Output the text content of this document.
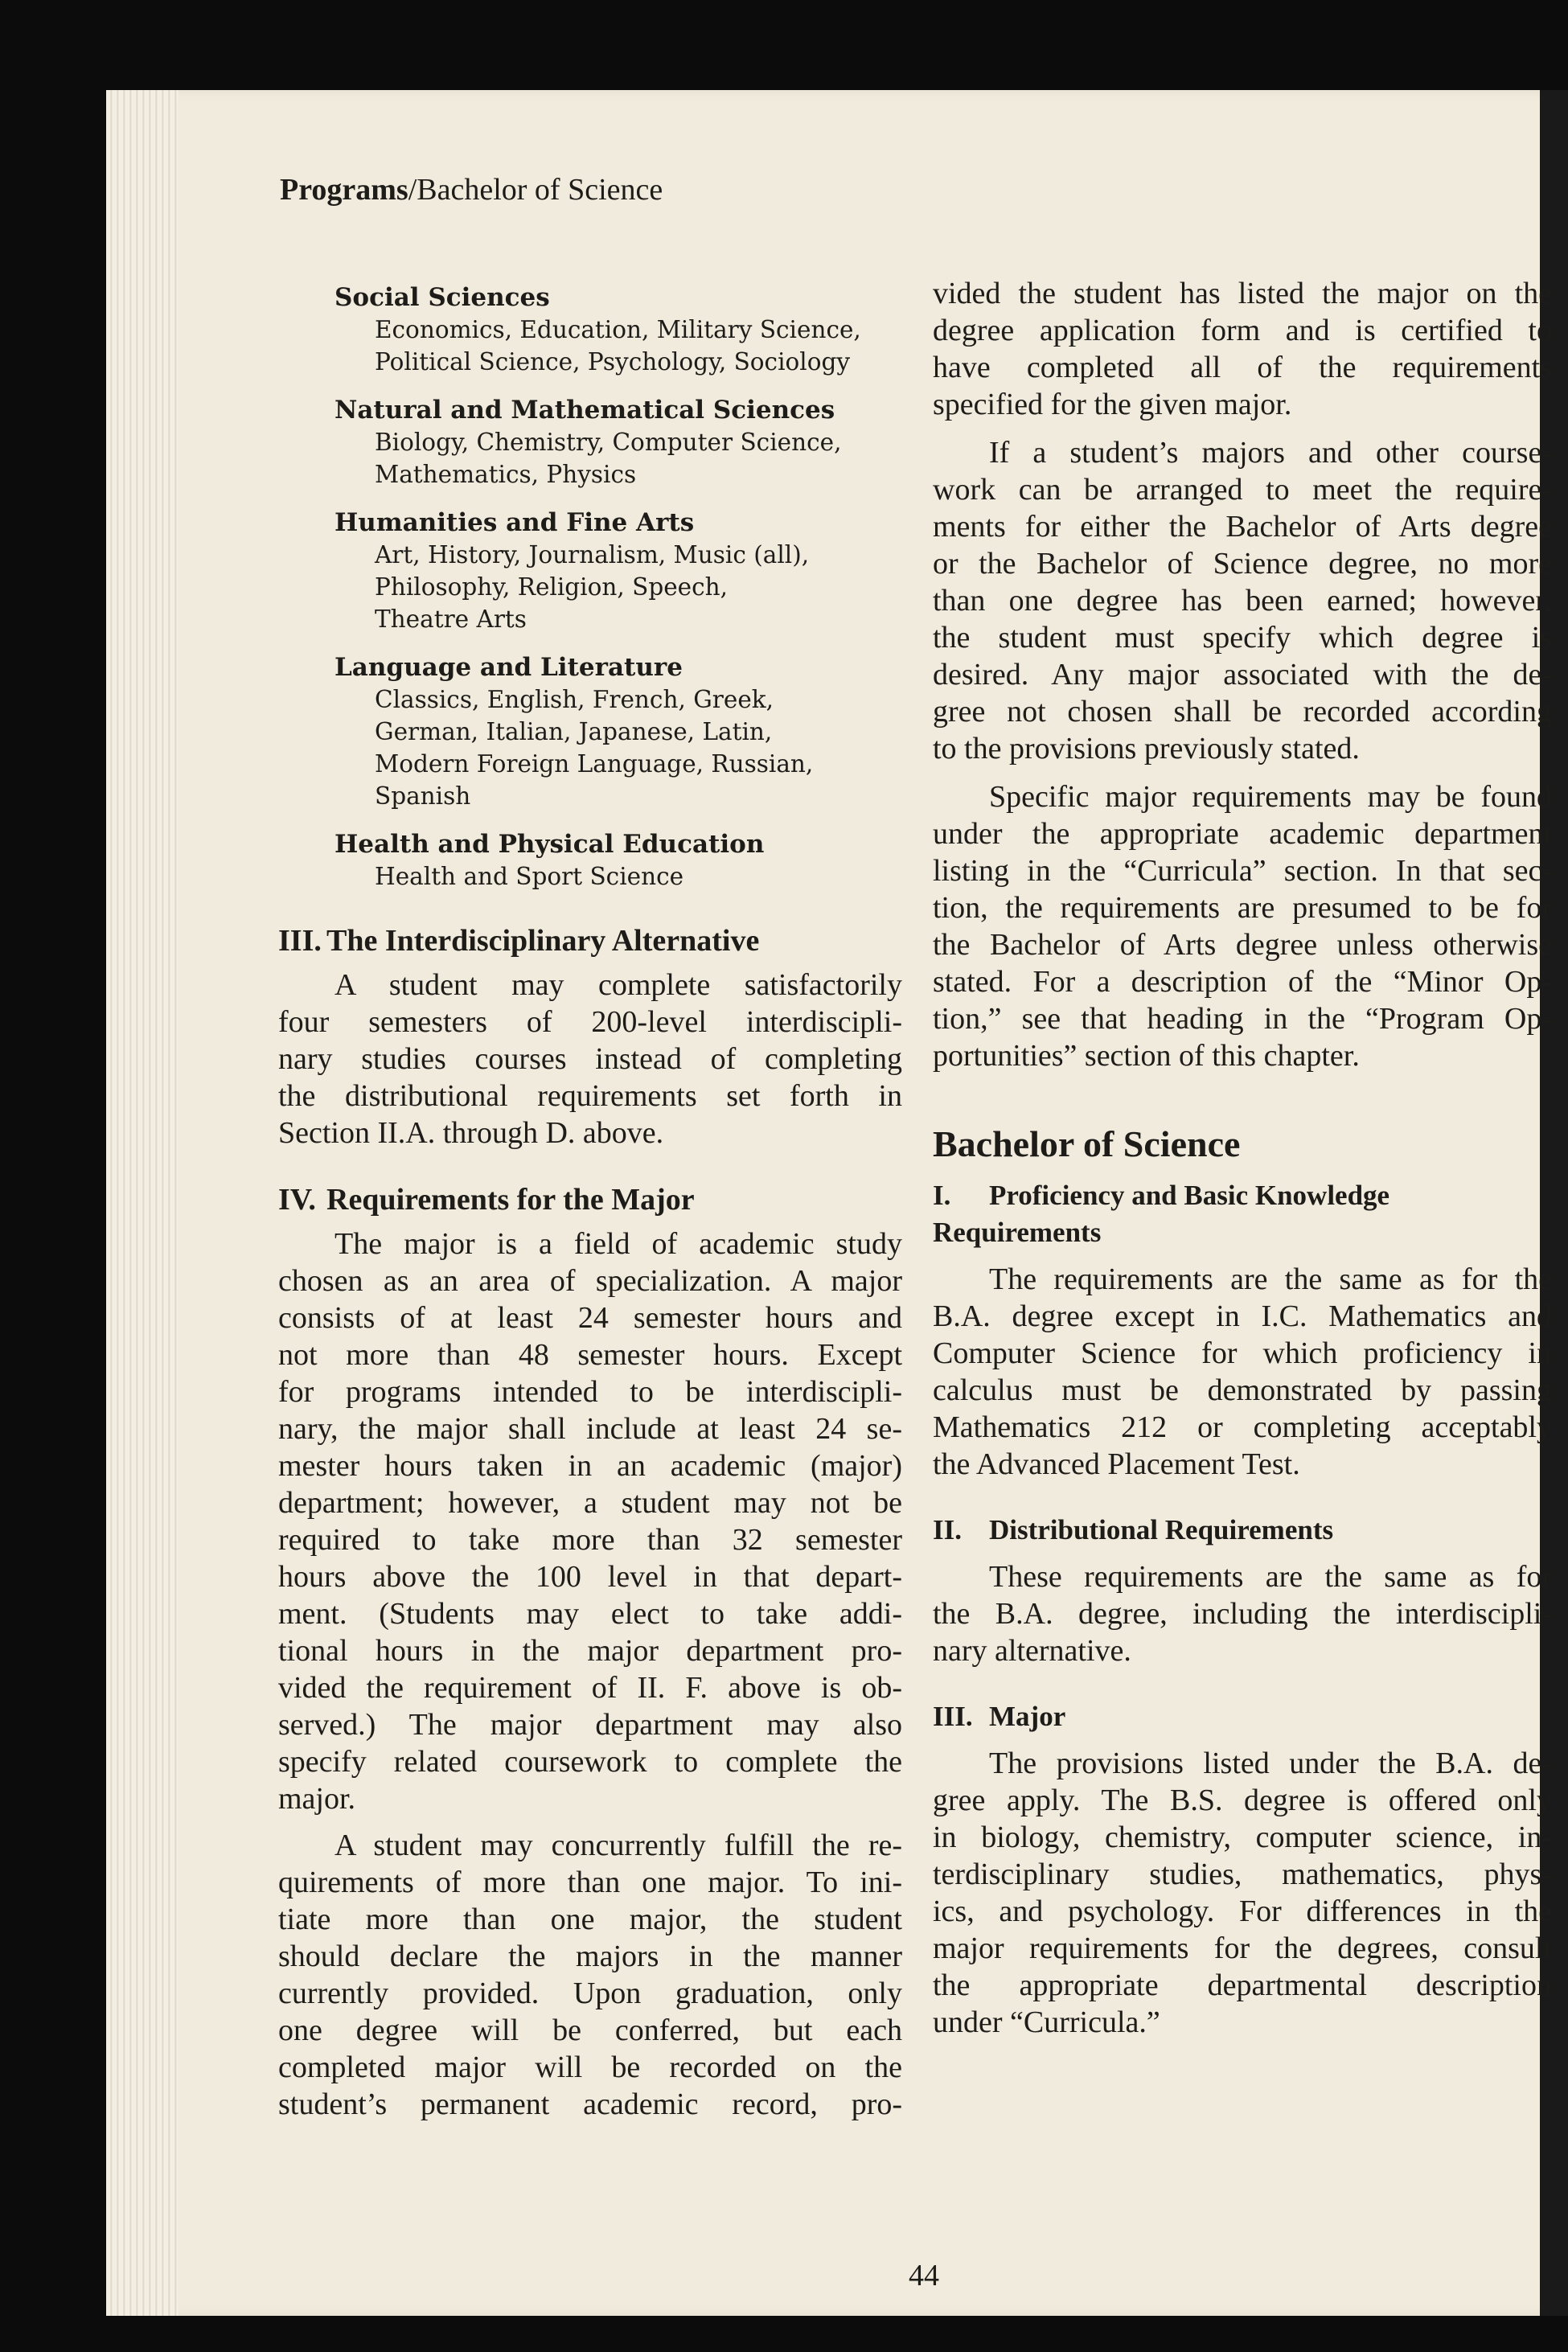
Programs/Bachelor of Science
Social Sciences
Economics, Education, Military Science,
Political Science, Psychology, Sociology
Natural and Mathematical Sciences
Biology, Chemistry, Computer Science,
Mathematics, Physics
Humanities and Fine Arts
Art, History, Journalism, Music (all),
Philosophy, Religion, Speech,
Theatre Arts
Language and Literature
Classics, English, French, Greek,
German, Italian, Japanese, Latin,
Modern Foreign Language, Russian,
Spanish
Health and Physical Education
Health and Sport Science
III. The Interdisciplinary Alternative
A student may complete satisfactorily
four semesters of 200-level interdiscipli-
nary studies courses instead of completing
the distributional requirements set forth in
Section II.A. through D. above.
IV. Requirements for the Major
The major is a field of academic study
chosen as an area of specialization. A major
consists of at least 24 semester hours and
not more than 48 semester hours. Except
for programs intended to be interdiscipli-
nary, the major shall include at least 24 se-
mester hours taken in an academic (major)
department; however, a student may not be
required to take more than 32 semester
hours above the 100 level in that depart-
ment. (Students may elect to take addi-
tional hours in the major department pro-
vided the requirement of II. F. above is ob-
served.) The major department may also
specify related coursework to complete the
major.
A student may concurrently fulfill the re-
quirements of more than one major. To ini-
tiate more than one major, the student
should declare the majors in the manner
currently provided. Upon graduation, only
one degree will be conferred, but each
completed major will be recorded on the
student’s permanent academic record, pro-
vided the student has listed the major on the
degree application form and is certified to
have completed all of the requirements
specified for the given major.
If a student’s majors and other course-
work can be arranged to meet the require-
ments for either the Bachelor of Arts degree
or the Bachelor of Science degree, no more
than one degree has been earned; however,
the student must specify which degree is
desired. Any major associated with the de-
gree not chosen shall be recorded according
to the provisions previously stated.
Specific major requirements may be found
under the appropriate academic department
listing in the “Curricula” section. In that sec-
tion, the requirements are presumed to be for
the Bachelor of Arts degree unless otherwise
stated. For a description of the “Minor Op-
tion,” see that heading in the “Program Op-
portunities” section of this chapter.
Bachelor of Science
I. Proficiency and Basic Knowledge
Requirements
The requirements are the same as for the
B.A. degree except in I.C. Mathematics and
Computer Science for which proficiency in
calculus must be demonstrated by passing
Mathematics 212 or completing acceptably
the Advanced Placement Test.
II. Distributional Requirements
These requirements are the same as for
the B.A. degree, including the interdiscipli-
nary alternative.
III. Major
The provisions listed under the B.A. de-
gree apply. The B.S. degree is offered only
in biology, chemistry, computer science, in-
terdisciplinary studies, mathematics, phys-
ics, and psychology. For differences in the
major requirements for the degrees, consult
the appropriate departmental description
under “Curricula.”
44
